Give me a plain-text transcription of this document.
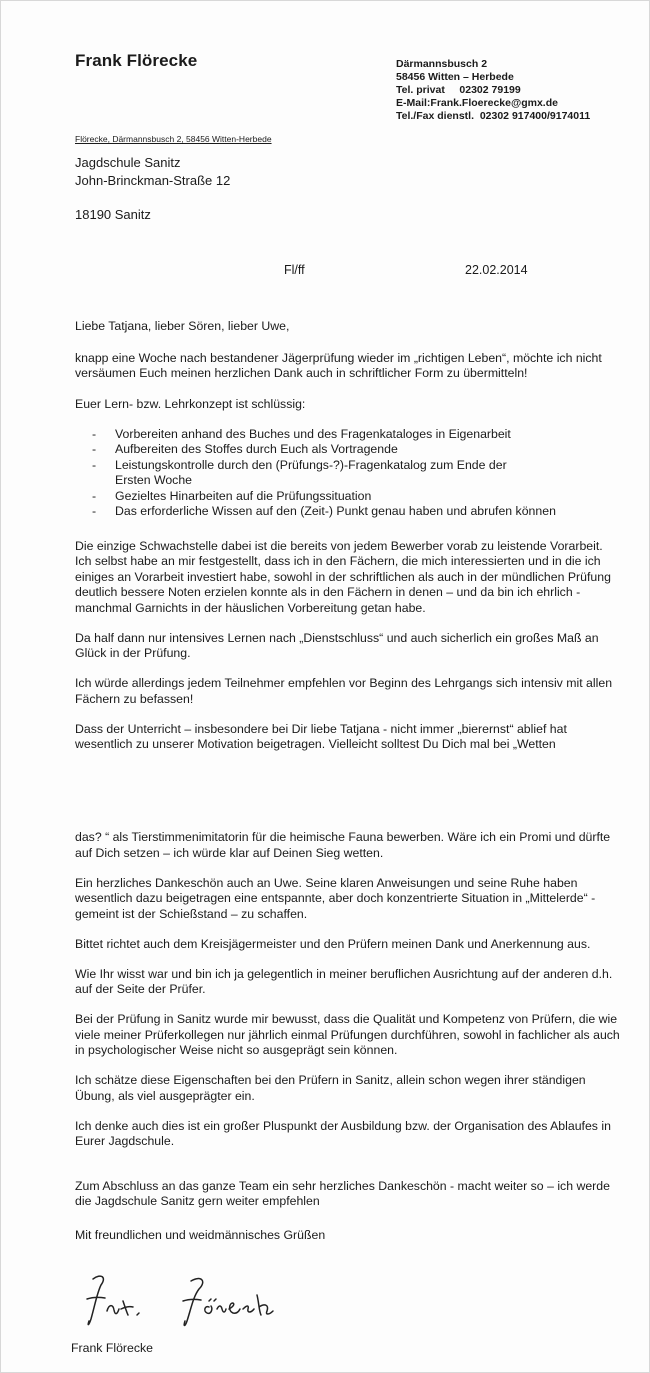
Frank Flörecke	Därmannsbusch 2
58456 Witten – Herbede
Tel. privat     02302 79199
E-Mail:Frank.Floerecke@gmx.de
Tel./Fax dienstl.  02302 917400/9174011
Flörecke, Därmannsbusch 2, 58456 Witten-Herbede
Jagdschule Sanitz
John-Brinckman-Straße 12
18190 Sanitz
Fl/ff	22.02.2014

Liebe Tatjana, lieber Sören, lieber Uwe,

knapp eine Woche nach bestandener Jägerprüfung wieder im „richtigen Leben“, möchte ich nicht versäumen Euch meinen herzlichen Dank auch in schriftlicher Form zu übermitteln!

Euer Lern- bzw. Lehrkonzept ist schlüssig:

- Vorbereiten anhand des Buches und des Fragenkataloges in Eigenarbeit
- Aufbereiten des Stoffes durch Euch als Vortragende
- Leistungskontrolle durch den (Prüfungs-?)-Fragenkatalog zum Ende der Ersten Woche
- Gezieltes Hinarbeiten auf die Prüfungssituation
- Das erforderliche Wissen auf den (Zeit-) Punkt genau haben und abrufen können

Die einzige Schwachstelle dabei ist die bereits von jedem Bewerber vorab zu leistende Vorarbeit. Ich selbst habe an mir festgestellt, dass ich in den Fächern, die mich interessierten und in die ich einiges an Vorarbeit investiert habe, sowohl in der schriftlichen als auch in der mündlichen Prüfung deutlich bessere Noten erzielen konnte als in den Fächern in denen – und da bin ich ehrlich - manchmal Garnichts in der häuslichen Vorbereitung getan habe.

Da half dann nur intensives Lernen nach „Dienstschluss“ und auch sicherlich ein großes Maß an Glück in der Prüfung.

Ich würde allerdings jedem Teilnehmer empfehlen vor Beginn des Lehrgangs sich intensiv mit allen Fächern zu befassen!

Dass der Unterricht – insbesondere bei Dir liebe Tatjana - nicht immer „bierernst“ ablief hat wesentlich zu unserer Motivation beigetragen. Vielleicht solltest Du Dich mal bei „Wetten

das? “ als Tierstimmenimitatorin für die heimische Fauna bewerben. Wäre ich ein Promi und dürfte auf Dich setzen – ich würde klar auf Deinen Sieg wetten.

Ein herzliches Dankeschön auch an Uwe. Seine klaren Anweisungen und seine Ruhe haben wesentlich dazu beigetragen eine entspannte, aber doch konzentrierte Situation in „Mittelerde“ - gemeint ist der Schießstand – zu schaffen.

Bittet richtet auch dem Kreisjägermeister und den Prüfern meinen Dank und Anerkennung aus.

Wie Ihr wisst war und bin ich ja gelegentlich in meiner beruflichen Ausrichtung auf der anderen d.h. auf der Seite der Prüfer.

Bei der Prüfung in Sanitz wurde mir bewusst, dass die Qualität und Kompetenz von Prüfern, die wie viele meiner Prüferkollegen nur jährlich einmal Prüfungen durchführen, sowohl in fachlicher als auch in psychologischer Weise nicht so ausgeprägt sein können.

Ich schätze diese Eigenschaften bei den Prüfern in Sanitz, allein schon wegen ihrer ständigen Übung, als viel ausgeprägter ein.

Ich denke auch dies ist ein großer Pluspunkt der Ausbildung bzw. der Organisation des Ablaufes in Eurer Jagdschule.

Zum Abschluss an das ganze Team ein sehr herzliches Dankeschön - macht weiter so – ich werde die Jagdschule Sanitz gern weiter empfehlen

Mit freundlichen und weidmännisches Grüßen

Frank Flörecke
